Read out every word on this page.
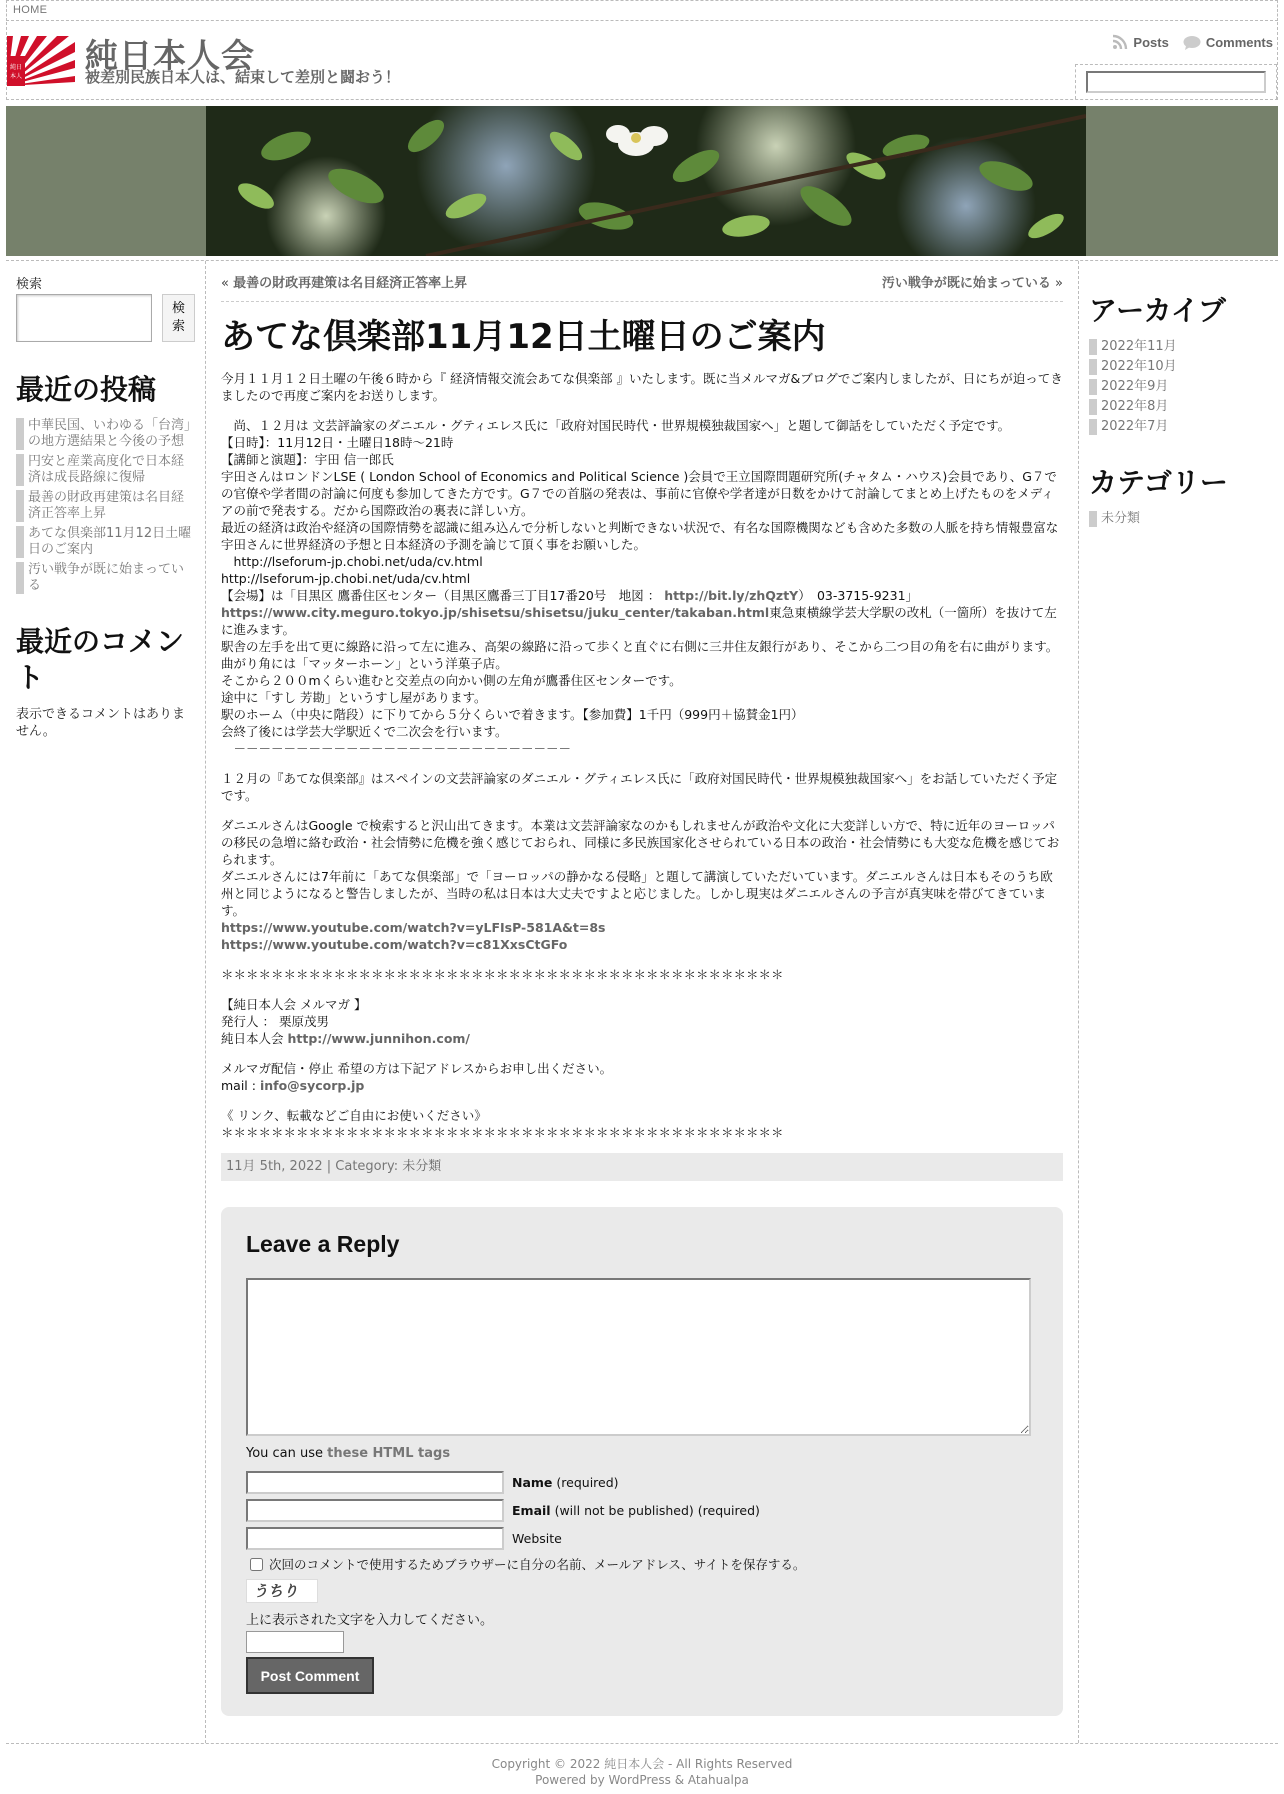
HOME
純日
本人
純日本人会
被差別民族日本人は、結束して差別と闘おう！
Posts	Comments
検索
検
索
最近の投稿
中華民国、いわゆる「台湾」の地方選結果と今後の予想
円安と産業高度化で日本経済は成長路線に復帰
最善の財政再建策は名目経済正答率上昇
あてな倶楽部11月12日土曜日のご案内
汚い戦争が既に始まっている
最近のコメント
表示できるコメントはありません。
« 最善の財政再建策は名目経済正答率上昇	汚い戦争が既に始まっている »
あてな倶楽部11月12日土曜日のご案内

今月１１月１２日土曜の午後６時から『 経済情報交流会あてな倶楽部 』いたします。既に当メルマガ&ブログでご案内しましたが、日にちが迫ってきましたので再度ご案内をお送りします。

　尚、１２月は 文芸評論家のダニエル・グティエレス氏に「政府対国民時代・世界規模独裁国家へ」と題して御話をしていただく予定です。
【日時】：11月12日・土曜日18時～21時
【講師と演題】：宇田 信一郎氏
宇田さんはロンドンLSE ( London School of Economics and Political Science )会員で王立国際問題研究所(チャタム・ハウス)会員であり、G７での官僚や学者間の討論に何度も参加してきた方です。G７での首脳の発表は、事前に官僚や学者達が日数をかけて討論してまとめ上げたものをメディアの前で発表する。だから国際政治の裏表に詳しい方。
最近の経済は政治や経済の国際情勢を認識に組み込んで分析しないと判断できない状況で、有名な国際機関なども含めた多数の人脈を持ち情報豊富な宇田さんに世界経済の予想と日本経済の予測を論じて頂く事をお願いした。
　http://lseforum-jp.chobi.net/uda/cv.html
http://lseforum-jp.chobi.net/uda/cv.html
【会場】は「目黒区 鷹番住区センター（目黒区鷹番三丁目17番20号　地図 ： http://bit.ly/zhQztY）　03-3715-9231」
https://www.city.meguro.tokyo.jp/shisetsu/shisetsu/juku_center/takaban.html東急東横線学芸大学駅の改札（一箇所）を抜けて左に進みます。
駅舎の左手を出て更に線路に沿って左に進み、高架の線路に沿って歩くと直ぐに右側に三井住友銀行があり、そこから二つ目の角を右に曲がります。曲がり角には「マッターホーン」という洋菓子店。
そこから２００mくらい進むと交差点の向かい側の左角が鷹番住区センターです。
途中に「すし 芳勘」というすし屋があります。
駅のホーム（中央に階段）に下りてから５分くらいで着きます。【参加費】1千円（999円＋協賛金1円）
会終了後には学芸大学駅近くで二次会を行います。
　－－－－－－－－－－－－－－－－－－－－－－－－－－－

１２月の『あてな倶楽部』はスペインの文芸評論家のダニエル・グティエレス氏に「政府対国民時代・世界規模独裁国家へ」をお話していただく予定です。

ダニエルさんはGoogle で検索すると沢山出てきます。本業は文芸評論家なのかもしれませんが政治や文化に大変詳しい方で、特に近年のヨーロッパの移民の急増に絡む政治・社会情勢に危機を強く感じておられ、同様に多民族国家化させられている日本の政治・社会情勢にも大変な危機を感じておられます。
ダニエルさんには7年前に「あてな倶楽部」で「ヨーロッパの静かなる侵略」と題して講演していただいています。ダニエルさんは日本もそのうち欧州と同じようになると警告しましたが、当時の私は日本は大丈夫ですよと応じました。しかし現実はダニエルさんの予言が真実味を帯びてきています。
https://www.youtube.com/watch?v=yLFIsP-581A&t=8s
https://www.youtube.com/watch?v=c81XxsCtGFo

＊＊＊＊＊＊＊＊＊＊＊＊＊＊＊＊＊＊＊＊＊＊＊＊＊＊＊＊＊＊＊＊＊＊＊＊＊＊＊＊＊＊＊＊＊

【純日本人会 メルマガ 】
発行人 ： 栗原茂男
純日本人会 http://www.junnihon.com/

メルマガ配信・停止 希望の方は下記アドレスからお申し出ください。
mail : info@sycorp.jp

《 リンク、転載などご自由にお使いください》
＊＊＊＊＊＊＊＊＊＊＊＊＊＊＊＊＊＊＊＊＊＊＊＊＊＊＊＊＊＊＊＊＊＊＊＊＊＊＊＊＊＊＊＊＊

11月 5th, 2022 | Category: 未分類
Leave a Reply
You can use these HTML tags
Name (required)
Email (will not be published) (required)
Website
次回のコメントで使用するためブラウザーに自分の名前、メールアドレス、サイトを保存する。
うちり
上に表示された文字を入力してください。
Post Comment
アーカイブ
2022年11月
2022年10月
2022年9月
2022年8月
2022年7月
カテゴリー
未分類
Copyright © 2022 純日本人会 - All Rights Reserved
Powered by WordPress & Atahualpa
